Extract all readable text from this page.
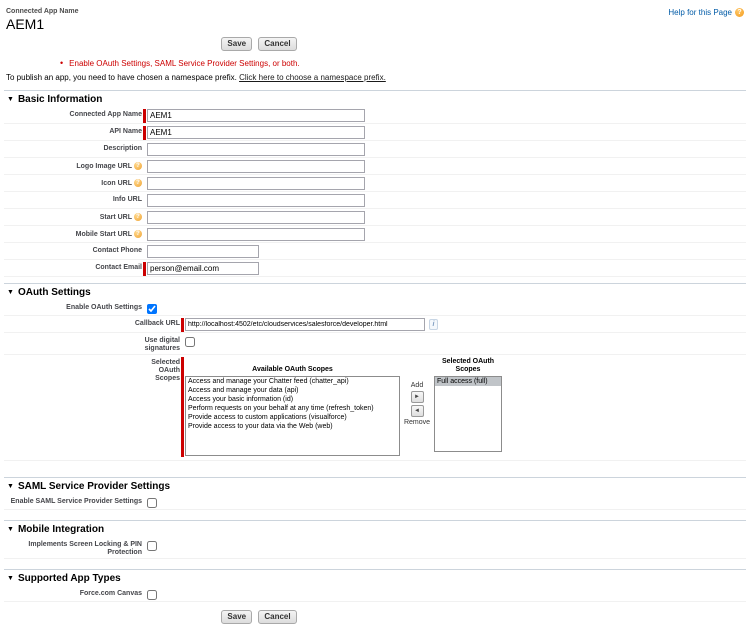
Connected App Name
AEM1
Help for this Page ?
Save Cancel
• Enable OAuth Settings, SAML Service Provider Settings, or both.
To publish an app, you need to have chosen a namespace prefix. Click here to choose a namespace prefix.
▼ Basic Information
Connected App Name
AEM1
API Name
AEM1
Description
Logo Image URL ?
Icon URL ?
Info URL
Start URL ?
Mobile Start URL ?
Contact Phone
Contact Email
person@email.com
▼ OAuth Settings
Enable OAuth Settings
Callback URL
http://localhost:4502/etc/cloudservices/salesforce/developer.html	i
Use digital signatures
Selected OAuth Scopes
Available OAuth Scopes
Access and manage your Chatter feed (chatter_api)
Access and manage your data (api)
Access your basic information (id)
Perform requests on your behalf at any time (refresh_token)
Provide access to custom applications (visualforce)
Provide access to your data via the Web (web)
Add
►
◄
Remove
Selected OAuth Scopes
Full access (full)
▼ SAML Service Provider Settings
Enable SAML Service Provider Settings
▼ Mobile Integration
Implements Screen Locking & PIN Protection
▼ Supported App Types
Force.com Canvas
Save Cancel
